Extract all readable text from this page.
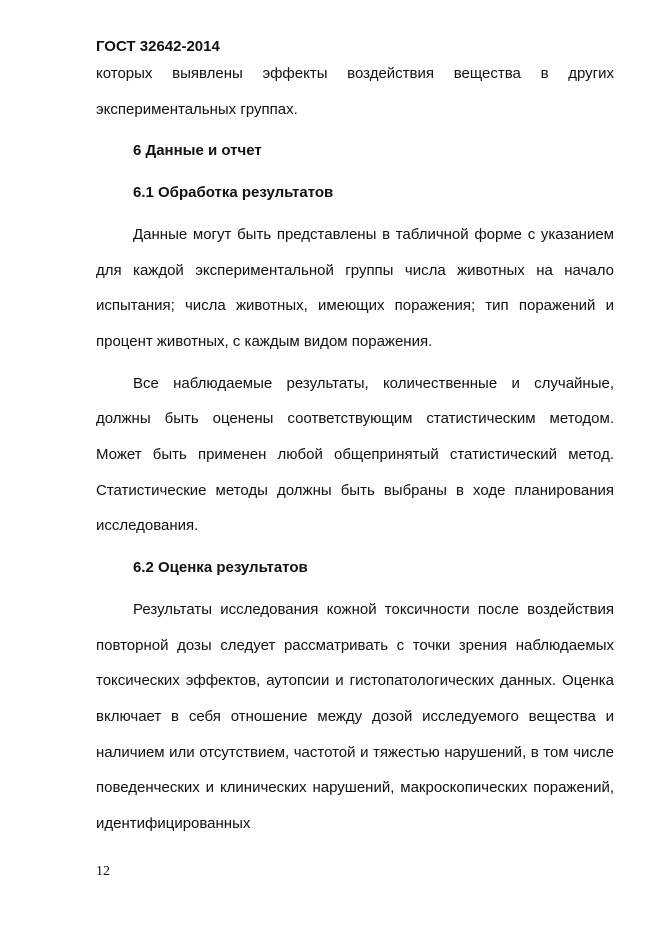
ГОСТ 32642-2014

которых выявлены эффекты воздействия вещества в других экспериментальных группах.

6 Данные и отчет

6.1 Обработка результатов

Данные могут быть представлены в табличной форме с указанием для каждой экспериментальной группы числа животных на начало испытания; числа животных, имеющих поражения; тип поражений и процент животных, с каждым видом поражения.

Все наблюдаемые результаты, количественные и случайные, должны быть оценены соответствующим статистическим методом. Может быть применен любой общепринятый статистический метод. Статистические методы должны быть выбраны в ходе планирования исследования.

6.2 Оценка результатов

Результаты исследования кожной токсичности после воздействия повторной дозы следует рассматривать с точки зрения наблюдаемых токсических эффектов, аутопсии и гистопатологических данных. Оценка включает в себя отношение между дозой исследуемого вещества и наличием или отсутствием, частотой и тяжестью нарушений, в том числе поведенческих и клинических нарушений, макроскопических поражений, идентифицированных

12
